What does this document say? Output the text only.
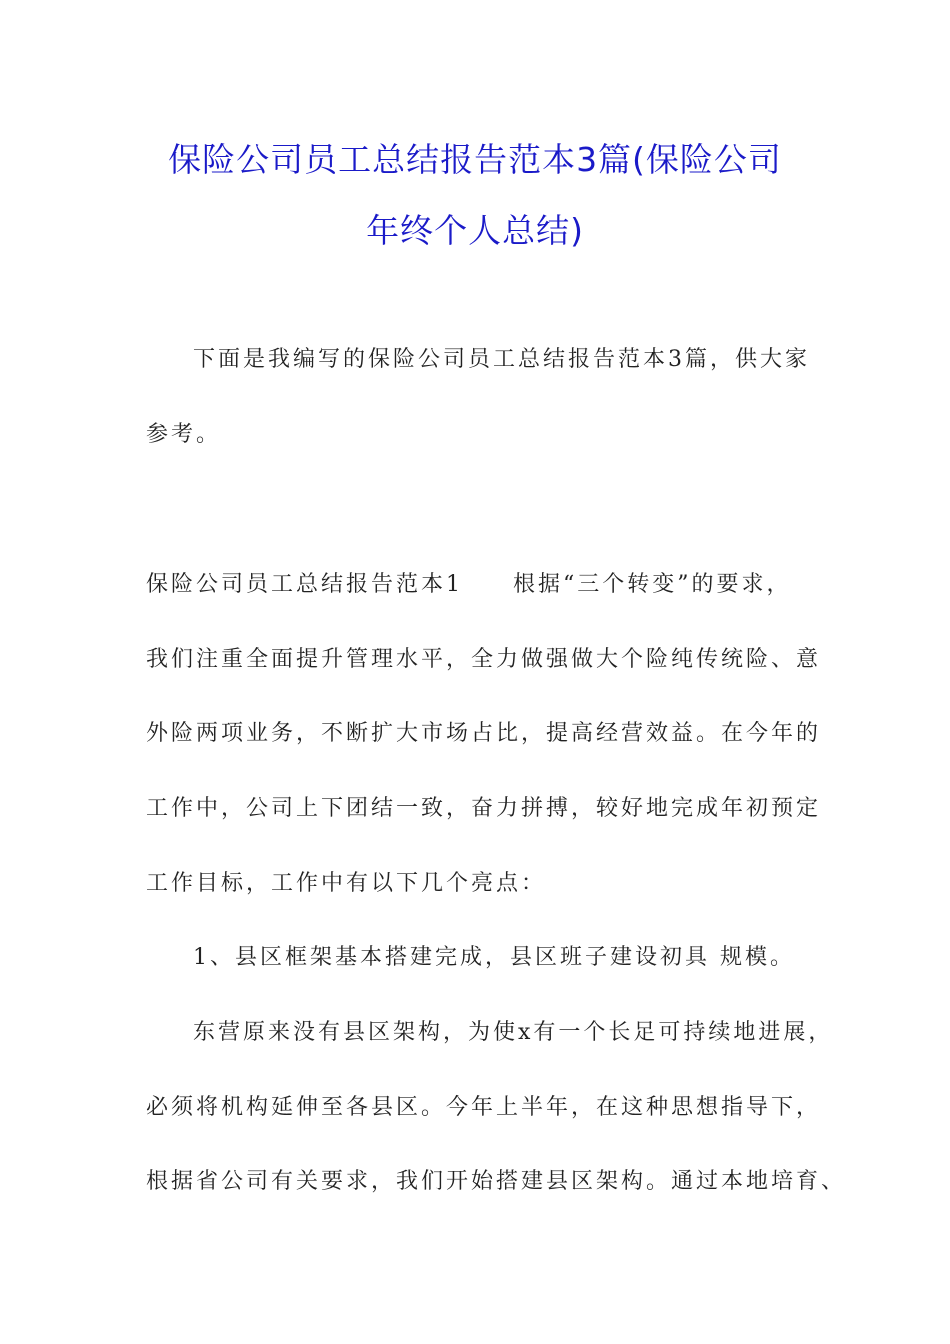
保险公司员工总结报告范本3篇(保险公司
年终个人总结)
下面是我编写的保险公司员工总结报告范本3篇，供大家
参考。
保险公司员工总结报告范本1　　根据“三个转变”的要求，
我们注重全面提升管理水平，全力做强做大个险纯传统险、意
外险两项业务，不断扩大市场占比，提高经营效益。在今年的
工作中，公司上下团结一致，奋力拼搏，较好地完成年初预定
工作目标，工作中有以下几个亮点：
1、县区框架基本搭建完成，县区班子建设初具 规模。
东营原来没有县区架构，为使x有一个长足可持续地进展，
必须将机构延伸至各县区。今年上半年，在这种思想指导下，
根据省公司有关要求，我们开始搭建县区架构。通过本地培育、
